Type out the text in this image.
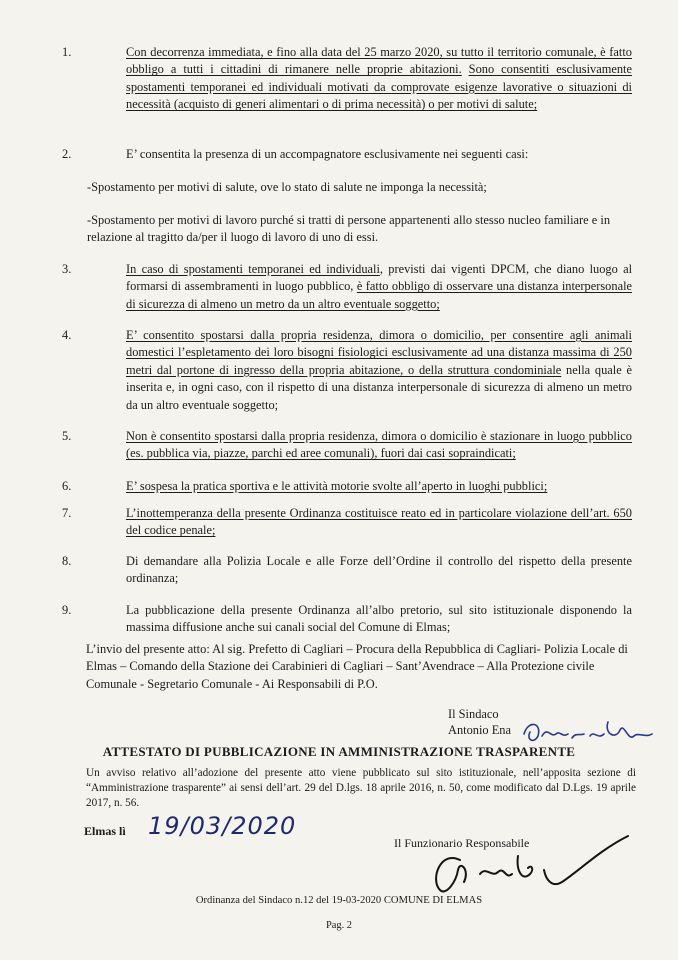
1.	Con decorrenza immediata, e fino alla data del 25 marzo 2020, su tutto il territorio comunale, è fatto obbligo a tutti i cittadini di rimanere nelle proprie abitazioni. Sono consentiti esclusivamente spostamenti temporanei ed individuali motivati da comprovate esigenze lavorative o situazioni di necessità (acquisto di generi alimentari o di prima necessità) o per motivi di salute;
2.	E’ consentita la presenza di un accompagnatore esclusivamente nei seguenti casi:
3.	In caso di spostamenti temporanei ed individuali, previsti dai vigenti DPCM, che diano luogo al formarsi di assembramenti in luogo pubblico, è fatto obbligo di osservare una distanza interpersonale di sicurezza di almeno un metro da un altro eventuale soggetto;
4.	E’ consentito spostarsi dalla propria residenza, dimora o domicilio, per consentire agli animali domestici l’espletamento dei loro bisogni fisiologici esclusivamente ad una distanza massima di 250 metri dal portone di ingresso della propria abitazione, o della struttura condominiale nella quale è inserita e, in ogni caso, con il rispetto di una distanza interpersonale di sicurezza di almeno un metro da un altro eventuale soggetto;
5.	Non è consentito spostarsi dalla propria residenza, dimora o domicilio è stazionare in luogo pubblico (es. pubblica via, piazze, parchi ed aree comunali), fuori dai casi sopraindicati;
6.	E’ sospesa la pratica sportiva e le attività motorie svolte all’aperto in luoghi pubblici;
7.	L’inottemperanza della presente Ordinanza costituisce reato ed in particolare violazione dell’art. 650 del codice penale;
8.	Di demandare alla Polizia Locale e alle Forze dell’Ordine il controllo del rispetto della presente ordinanza;
9.	La pubblicazione della presente Ordinanza all’albo pretorio, sul sito istituzionale disponendo la massima diffusione anche sui canali social del Comune di Elmas;
-Spostamento per motivi di salute, ove lo stato di salute ne imponga la necessità;
-Spostamento per motivi di lavoro purché si tratti di persone appartenenti allo stesso nucleo familiare e in relazione al tragitto da/per il luogo di lavoro di uno di essi.
L’invio del presente atto: Al sig. Prefetto di Cagliari – Procura della Repubblica di Cagliari- Polizia Locale di Elmas – Comando della Stazione dei Carabinieri di Cagliari – Sant’Avendrace – Alla Protezione civile Comunale - Segretario Comunale - Ai Responsabili di P.O.
Il Sindaco
Antonio Ena
ATTESTATO DI PUBBLICAZIONE IN AMMINISTRAZIONE TRASPARENTE
Un avviso relativo all’adozione del presente atto viene pubblicato sul sito istituzionale, nell’apposita sezione di “Amministrazione trasparente” ai sensi dell’art. 29 del D.lgs. 18 aprile 2016, n. 50, come modificato dal D.Lgs. 19 aprile 2017, n. 56.
Elmas lì 19/03/2020
Il Funzionario Responsabile
Ordinanza del Sindaco n.12 del 19-03-2020 COMUNE DI ELMAS
Pag. 2
